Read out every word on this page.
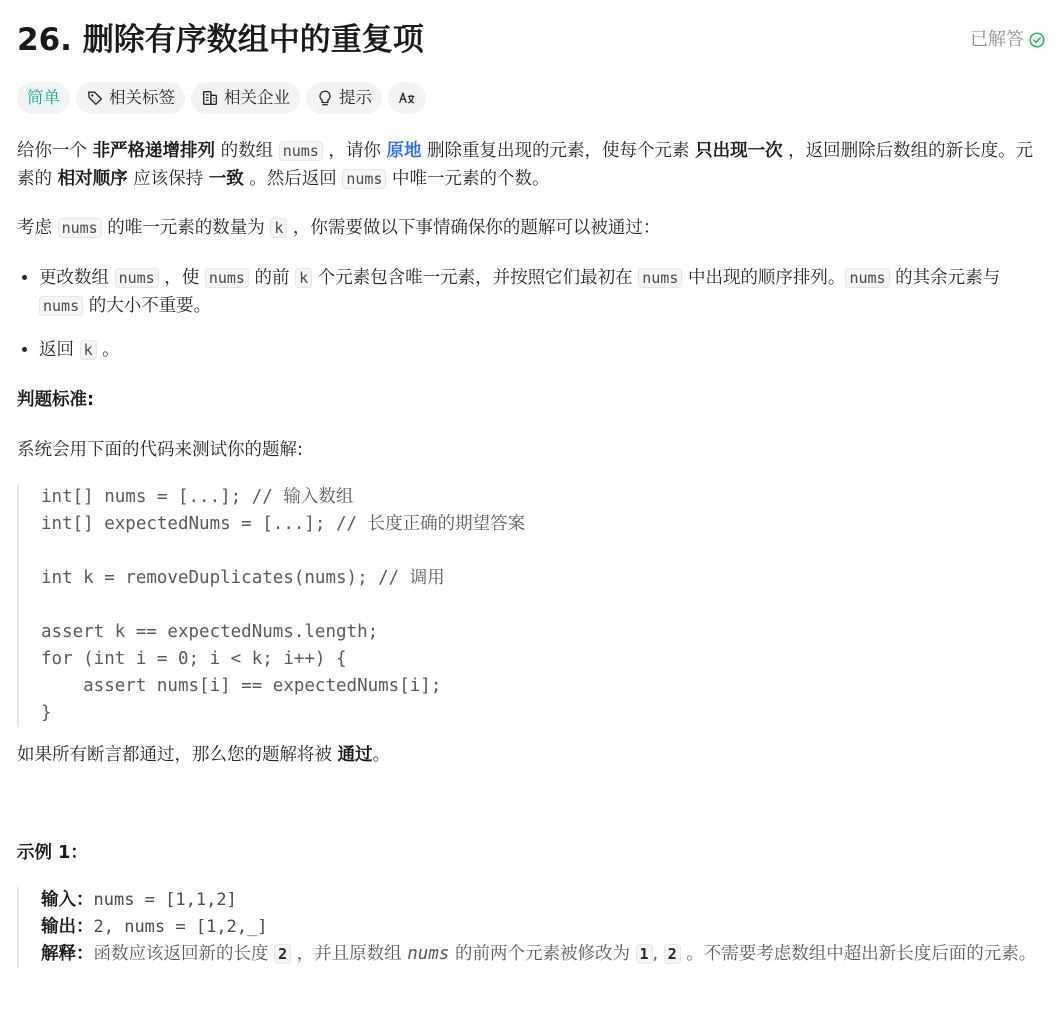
26. 删除有序数组中的重复项	已解答
简单	相关标签	相关企业	提示

给你一个 非严格递增排列 的数组 nums ，请你 原地 删除重复出现的元素，使每个元素 只出现一次 ，返回删除后数组的新长度。元素的 相对顺序 应该保持 一致 。然后返回 nums 中唯一元素的个数。

考虑 nums 的唯一元素的数量为 k ，你需要做以下事情确保你的题解可以被通过：

• 更改数组 nums ，使 nums 的前 k 个元素包含唯一元素，并按照它们最初在 nums 中出现的顺序排列。 nums 的其余元素与 nums 的大小不重要。
• 返回 k 。

判题标准:

系统会用下面的代码来测试你的题解:

int[] nums = [...]; // 输入数组
int[] expectedNums = [...]; // 长度正确的期望答案

int k = removeDuplicates(nums); // 调用

assert k == expectedNums.length;
for (int i = 0; i < k; i++) {
assert nums[i] == expectedNums[i];
}

如果所有断言都通过，那么您的题解将被 通过。

示例 1：

输入：nums = [1,1,2]
输出：2, nums = [1,2,_]
解释：函数应该返回新的长度 2 ，并且原数组 nums 的前两个元素被修改为 1 , 2 。不需要考虑数组中超出新长度后面的元素。
